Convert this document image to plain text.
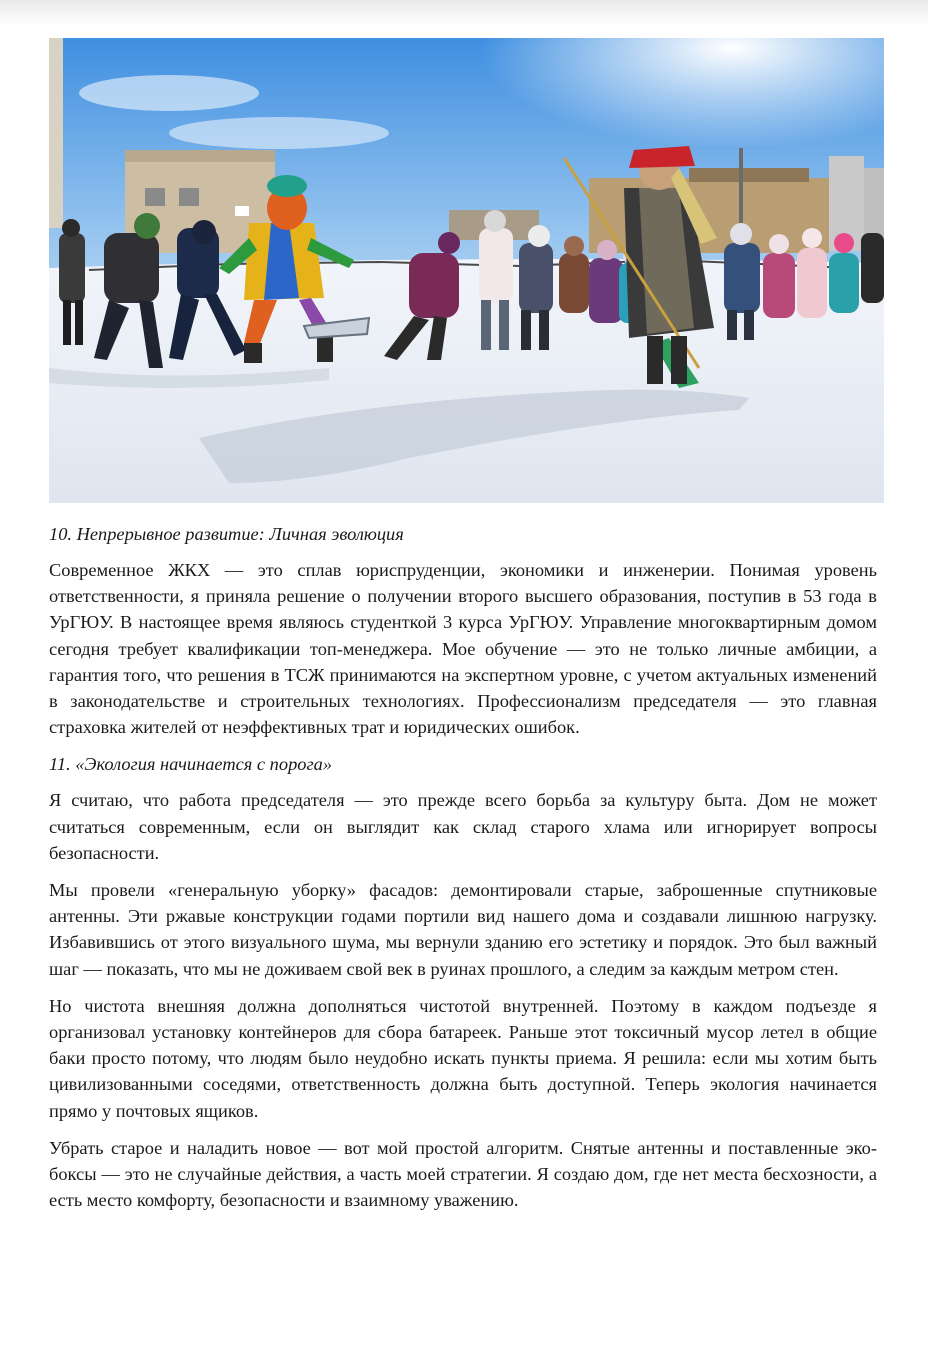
10. Непрерывное развитие: Личная эволюция

Современное ЖКХ — это сплав юриспруденции, экономики и инженерии. Понимая уровень ответственности, я приняла решение о получении второго высшего образования, поступив в 53 года в УрГЮУ. В настоящее время являюсь студенткой 3 курса УрГЮУ. Управление многоквартирным домом сегодня требует квалификации топ-менеджера. Мое обучение — это не только личные амбиции, а гарантия того, что решения в ТСЖ принимаются на экспертном уровне, с учетом актуальных изменений в законодательстве и строительных технологиях. Профессионализм председателя — это главная страховка жителей от неэффективных трат и юридических ошибок.

11. «Экология начинается с порога»

Я считаю, что работа председателя — это прежде всего борьба за культуру быта. Дом не может считаться современным, если он выглядит как склад старого хлама или игнорирует вопросы безопасности.

Мы провели «генеральную уборку» фасадов: демонтировали старые, заброшенные спутниковые антенны. Эти ржавые конструкции годами портили вид нашего дома и создавали лишнюю нагрузку. Избавившись от этого визуального шума, мы вернули зданию его эстетику и порядок. Это был важный шаг — показать, что мы не доживаем свой век в руинах прошлого, а следим за каждым метром стен.

Но чистота внешняя должна дополняться чистотой внутренней. Поэтому в каждом подъезде я организовал установку контейнеров для сбора батареек. Раньше этот токсичный мусор летел в общие баки просто потому, что людям было неудобно искать пункты приема. Я решила: если мы хотим быть цивилизованными соседями, ответственность должна быть доступной. Теперь экология начинается прямо у почтовых ящиков.

Убрать старое и наладить новое — вот мой простой алгоритм. Снятые антенны и поставленные эко-боксы — это не случайные действия, а часть моей стратегии. Я создаю дом, где нет места бесхозности, а есть место комфорту, безопасности и взаимному уважению.
